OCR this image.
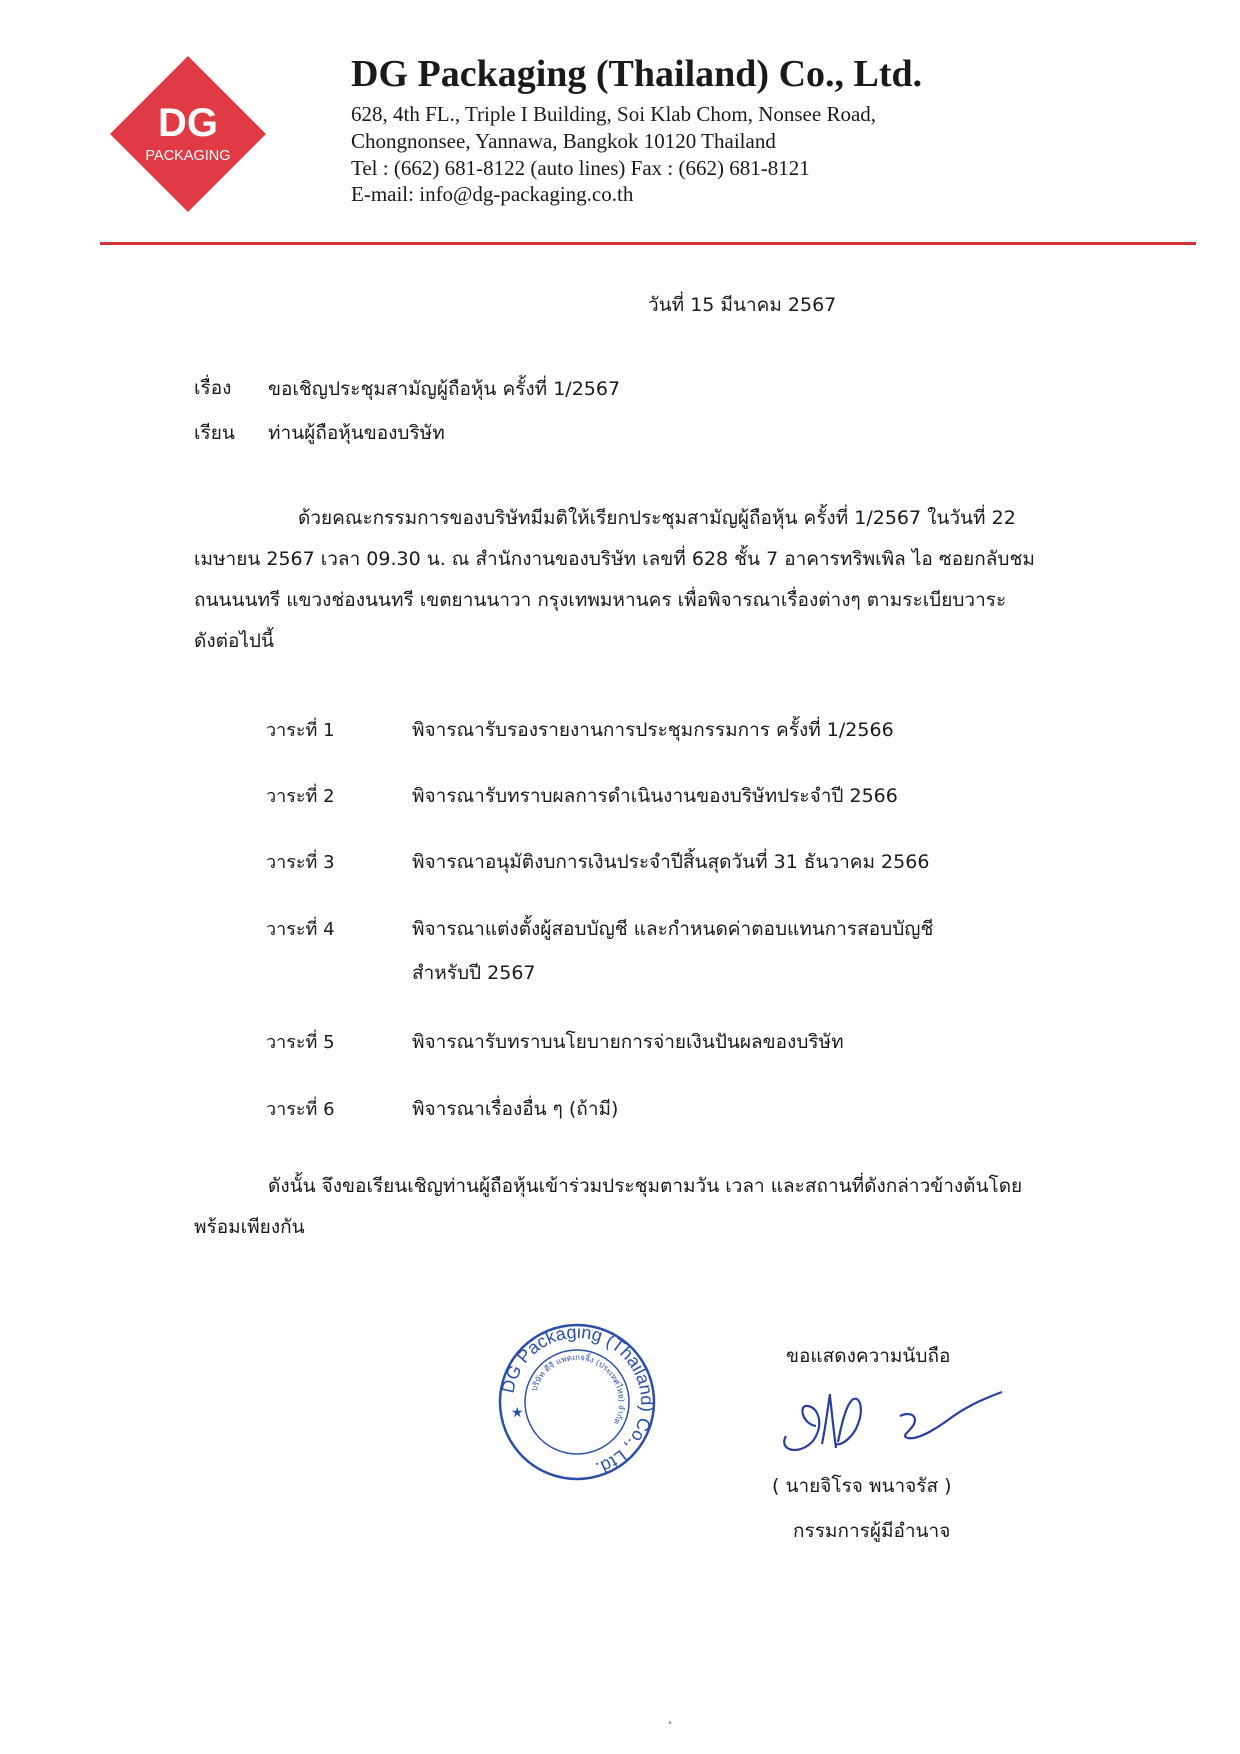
DG
PACKAGING
DG Packaging (Thailand) Co., Ltd.
628, 4th FL., Triple I Building, Soi Klab Chom, Nonsee Road,
Chongnonsee, Yannawa, Bangkok 10120 Thailand
Tel : (662) 681-8122 (auto lines) Fax : (662) 681-8121
E-mail: info@dg-packaging.co.th
วันที่ 15 มีนาคม 2567
เรื่อง ขอเชิญประชุมสามัญผู้ถือหุ้น ครั้งที่ 1/2567
เรียน ท่านผู้ถือหุ้นของบริษัท
ด้วยคณะกรรมการของบริษัทมีมติให้เรียกประชุมสามัญผู้ถือหุ้น ครั้งที่ 1/2567 ในวันที่ 22
เมษายน 2567 เวลา 09.30 น. ณ สำนักงานของบริษัท เลขที่ 628 ชั้น 7 อาคารทริพเพิล ไอ ซอยกลับชม
ถนนนนทรี แขวงช่องนนทรี เขตยานนาวา กรุงเทพมหานคร เพื่อพิจารณาเรื่องต่างๆ ตามระเบียบวาระ
ดังต่อไปนี้
วาระที่ 1	พิจารณารับรองรายงานการประชุมกรรมการ ครั้งที่ 1/2566
วาระที่ 2	พิจารณารับทราบผลการดำเนินงานของบริษัทประจำปี 2566
วาระที่ 3	พิจารณาอนุมัติงบการเงินประจำปีสิ้นสุดวันที่ 31 ธันวาคม 2566
วาระที่ 4	พิจารณาแต่งตั้งผู้สอบบัญชี และกำหนดค่าตอบแทนการสอบบัญชี
สำหรับปี 2567
วาระที่ 5	พิจารณารับทราบนโยบายการจ่ายเงินปันผลของบริษัท
วาระที่ 6	พิจารณาเรื่องอื่น ๆ (ถ้ามี)
ดังนั้น จึงขอเรียนเชิญท่านผู้ถือหุ้นเข้าร่วมประชุมตามวัน เวลา และสถานที่ดังกล่าวข้างต้นโดย
พร้อมเพียงกัน
DG Packaging (Thailand) Co., Ltd.
บริษัท ดีจี แพคเกจจิ้ง (ประเทศไทย) จำกัด
★
ขอแสดงความนับถือ
( นายจิโรจ พนาจรัส )
กรรมการผู้มีอำนาจ
•
